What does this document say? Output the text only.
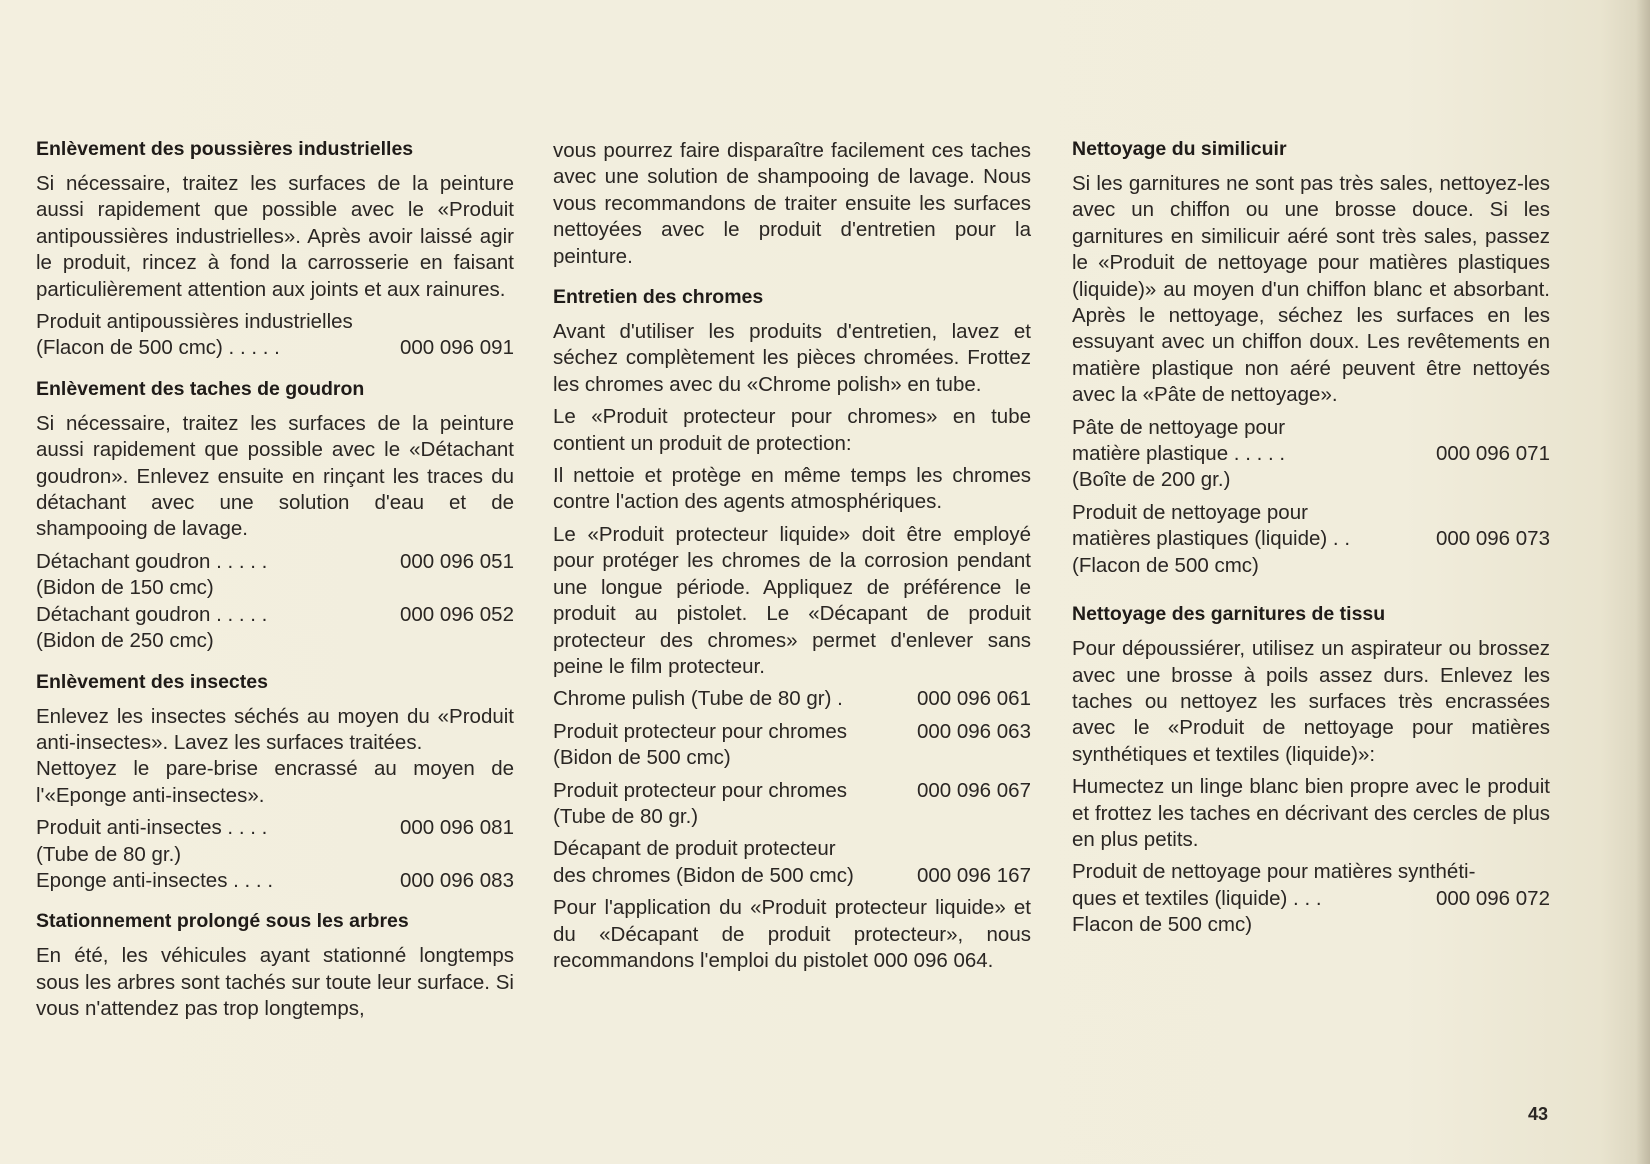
Enlèvement des poussières industrielles

Si nécessaire, traitez les surfaces de la peinture aussi rapidement que possible avec le «Produit antipoussières industrielles». Après avoir laissé agir le produit, rincez à fond la carrosserie en faisant particulièrement attention aux joints et aux rainures.

Produit antipoussières industrielles
(Flacon de 500 cmc) . . . . .	000 096 091
Enlèvement des taches de goudron

Si nécessaire, traitez les surfaces de la peinture aussi rapidement que possible avec le «Détachant goudron». Enlevez ensuite en rinçant les traces du détachant avec une solution d'eau et de shampooing de lavage.

Détachant goudron . . . . .	000 096 051
(Bidon de 150 cmc)
Détachant goudron . . . . .	000 096 052
(Bidon de 250 cmc)
Enlèvement des insectes

Enlevez les insectes séchés au moyen du «Produit anti-insectes». Lavez les surfaces traitées.

Nettoyez le pare-brise encrassé au moyen de l'«Eponge anti-insectes».

Produit anti-insectes . . . .	000 096 081
(Tube de 80 gr.)
Eponge anti-insectes . . . .	000 096 083
Stationnement prolongé sous les arbres

En été, les véhicules ayant stationné longtemps sous les arbres sont tachés sur toute leur surface. Si vous n'attendez pas trop longtemps,

vous pourrez faire disparaître facilement ces taches avec une solution de shampooing de lavage. Nous vous recommandons de traiter ensuite les surfaces nettoyées avec le produit d'entretien pour la peinture.

Entretien des chromes

Avant d'utiliser les produits d'entretien, lavez et séchez complètement les pièces chromées. Frottez les chromes avec du «Chrome polish» en tube.

Le «Produit protecteur pour chromes» en tube contient un produit de protection:

Il nettoie et protège en même temps les chromes contre l'action des agents atmosphériques.

Le «Produit protecteur liquide» doit être employé pour protéger les chromes de la corrosion pendant une longue période. Appliquez de préférence le produit au pistolet. Le «Décapant de produit protecteur des chromes» permet d'enlever sans peine le film protecteur.

Chrome pulish (Tube de 80 gr) .	000 096 061
Produit protecteur pour chromes	000 096 063
(Bidon de 500 cmc)
Produit protecteur pour chromes	000 096 067
(Tube de 80 gr.)
Décapant de produit protecteur
des chromes (Bidon de 500 cmc)	000 096 167

Pour l'application du «Produit protecteur liquide» et du «Décapant de produit protecteur», nous recommandons l'emploi du pistolet 000 096 064.

Nettoyage du similicuir

Si les garnitures ne sont pas très sales, nettoyez-les avec un chiffon ou une brosse douce. Si les garnitures en similicuir aéré sont très sales, passez le «Produit de nettoyage pour matières plastiques (liquide)» au moyen d'un chiffon blanc et absorbant. Après le nettoyage, séchez les surfaces en les essuyant avec un chiffon doux. Les revêtements en matière plastique non aéré peuvent être nettoyés avec la «Pâte de nettoyage».

Pâte de nettoyage pour
matière plastique . . . . .	000 096 071
(Boîte de 200 gr.)
Produit de nettoyage pour
matières plastiques (liquide) . .	000 096 073
(Flacon de 500 cmc)
Nettoyage des garnitures de tissu

Pour dépoussiérer, utilisez un aspirateur ou brossez avec une brosse à poils assez durs. Enlevez les taches ou nettoyez les surfaces très encrassées avec le «Produit de nettoyage pour matières synthétiques et textiles (liquide)»:

Humectez un linge blanc bien propre avec le produit et frottez les taches en décrivant des cercles de plus en plus petits.

Produit de nettoyage pour matières synthéti-
ques et textiles (liquide) . . .	000 096 072
Flacon de 500 cmc)
43
